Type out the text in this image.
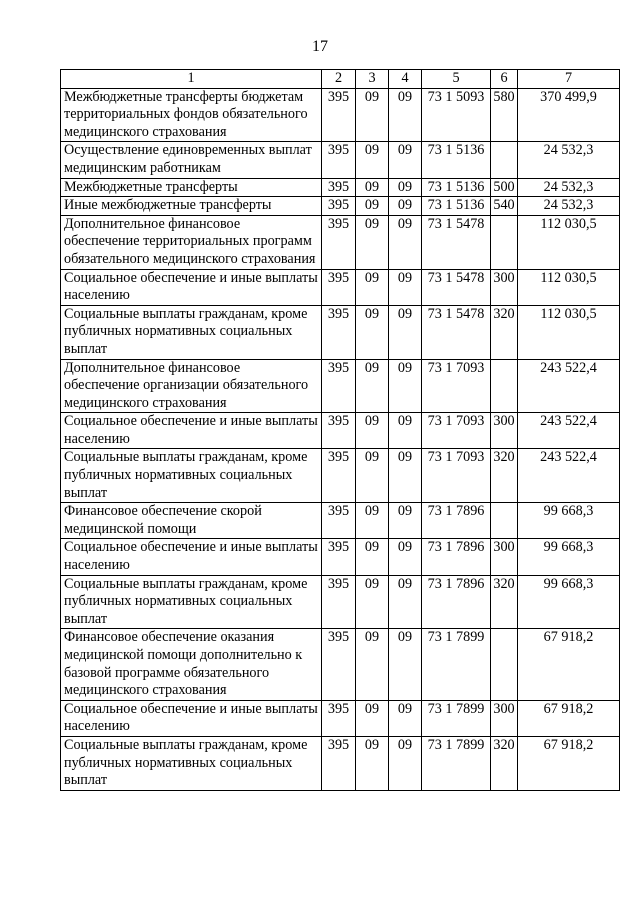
17
1	2	3	4	5	6	7
Межбюджетные трансферты бюджетам территориальных фондов обязательного медицинского страхования	395	09	09	73 1 5093	580	370 499,9
Осуществление единовременных выплат медицинским работникам	395	09	09	73 1 5136		24 532,3
Межбюджетные трансферты	395	09	09	73 1 5136	500	24 532,3
Иные межбюджетные трансферты	395	09	09	73 1 5136	540	24 532,3
Дополнительное финансовое обеспечение территориальных программ обязательного медицинского страхования	395	09	09	73 1 5478		112 030,5
Социальное обеспечение и иные выплаты населению	395	09	09	73 1 5478	300	112 030,5
Социальные выплаты гражданам, кроме публичных нормативных социальных выплат	395	09	09	73 1 5478	320	112 030,5
Дополнительное финансовое обеспечение организации обязательного медицинского страхования	395	09	09	73 1 7093		243 522,4
Социальное обеспечение и иные выплаты населению	395	09	09	73 1 7093	300	243 522,4
Социальные выплаты гражданам, кроме публичных нормативных социальных выплат	395	09	09	73 1 7093	320	243 522,4
Финансовое обеспечение скорой медицинской помощи	395	09	09	73 1 7896		99 668,3
Социальное обеспечение и иные выплаты населению	395	09	09	73 1 7896	300	99 668,3
Социальные выплаты гражданам, кроме публичных нормативных социальных выплат	395	09	09	73 1 7896	320	99 668,3
Финансовое обеспечение оказания медицинской помощи дополнительно к базовой программе обязательного медицинского страхования	395	09	09	73 1 7899		67 918,2
Социальное обеспечение и иные выплаты населению	395	09	09	73 1 7899	300	67 918,2
Социальные выплаты гражданам, кроме публичных нормативных социальных выплат	395	09	09	73 1 7899	320	67 918,2
